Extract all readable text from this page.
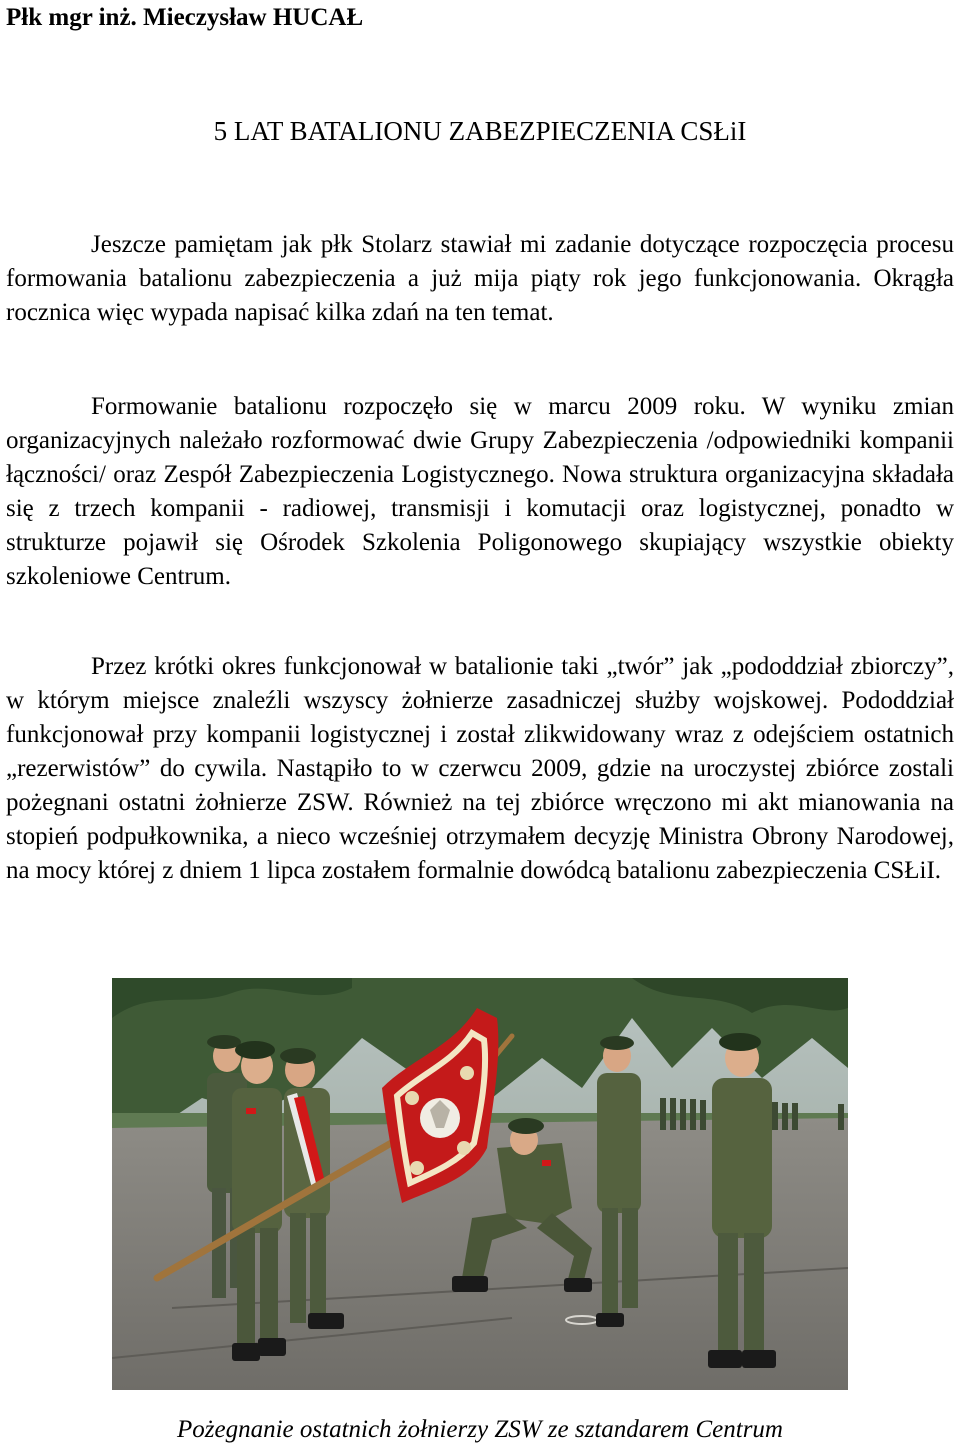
Płk mgr inż. Mieczysław HUCAŁ
5 LAT BATALIONU ZABEZPIECZENIA CSŁiI

Jeszcze pamiętam jak płk Stolarz stawiał mi zadanie dotyczące rozpoczęcia procesu formowania batalionu zabezpieczenia a już mija piąty rok jego funkcjonowania. Okrągła rocznica więc wypada napisać kilka zdań na ten temat.

Formowanie batalionu rozpoczęło się w marcu 2009 roku. W wyniku zmian organizacyjnych należało rozformować dwie Grupy Zabezpieczenia /odpowiedniki kompanii łączności/ oraz Zespół Zabezpieczenia Logistycznego. Nowa struktura organizacyjna składała się z trzech kompanii - radiowej, transmisji i komutacji oraz logistycznej, ponadto w strukturze pojawił się Ośrodek Szkolenia Poligonowego skupiający wszystkie obiekty szkoleniowe Centrum.

Przez krótki okres funkcjonował w batalionie taki „twór” jak „pododdział zbiorczy”, w którym miejsce znaleźli wszyscy żołnierze zasadniczej służby wojskowej. Pododdział funkcjonował przy kompanii logistycznej i został zlikwidowany wraz z odejściem ostatnich „rezerwistów” do cywila. Nastąpiło to w czerwcu 2009, gdzie na uroczystej zbiórce zostali pożegnani ostatni żołnierze ZSW. Również na tej zbiórce wręczono mi akt mianowania na stopień podpułkownika, a nieco wcześniej otrzymałem decyzję Ministra Obrony Narodowej, na mocy której z dniem 1 lipca zostałem formalnie dowódcą batalionu zabezpieczenia CSŁiI.

Pożegnanie ostatnich żołnierzy ZSW ze sztandarem Centrum
